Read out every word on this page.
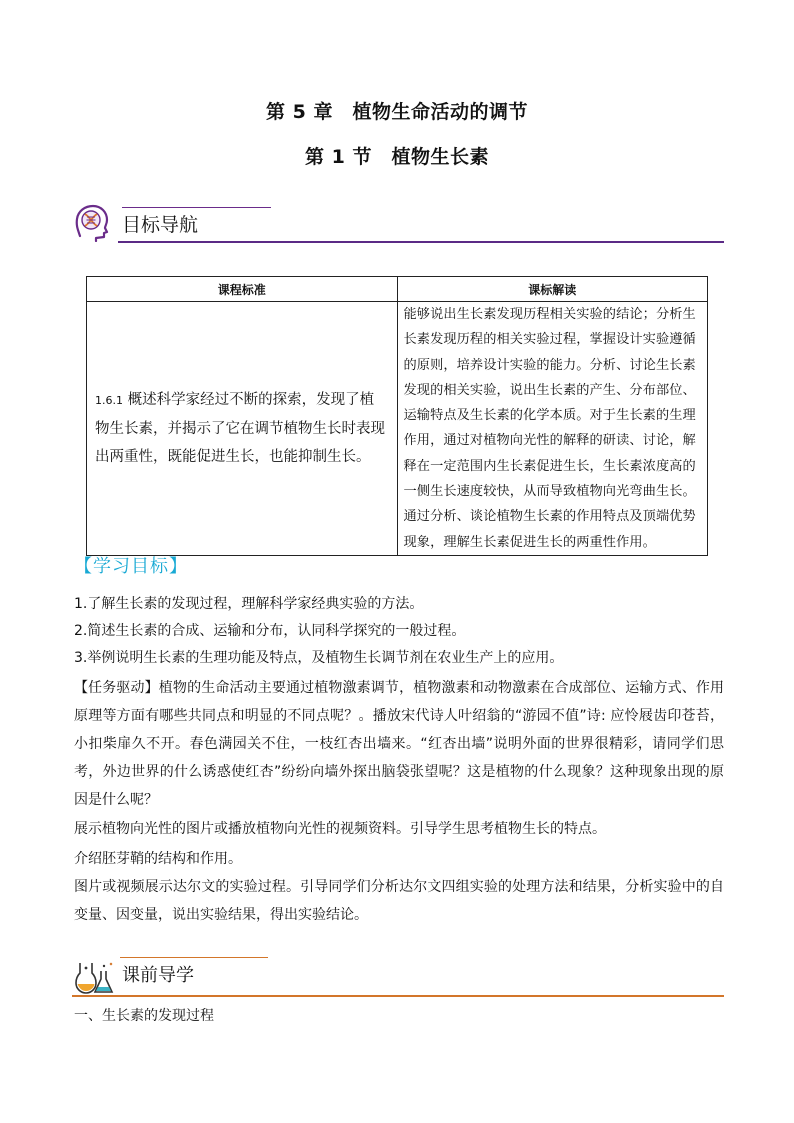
第 5 章　植物生命活动的调节
第 1 节　植物生长素
目标导航
课程标准	课标解读
1.6.1 概述科学家经过不断的探索，发现了植物生长素，并揭示了它在调节植物生长时表现出两重性，既能促进生长，也能抑制生长。	能够说出生长素发现历程相关实验的结论；分析生长素发现历程的相关实验过程，掌握设计实验遵循的原则，培养设计实验的能力。分析、讨论生长素发现的相关实验，说出生长素的产生、分布部位、运输特点及生长素的化学本质。对于生长素的生理作用，通过对植物向光性的解释的研读、讨论，解释在一定范围内生长素促进生长，生长素浓度高的一侧生长速度较快，从而导致植物向光弯曲生长。通过分析、谈论植物生长素的作用特点及顶端优势现象，理解生长素促进生长的两重性作用。
【学习目标】
1.了解生长素的发现过程，理解科学家经典实验的方法。
2.简述生长素的合成、运输和分布，认同科学探究的一般过程。
3.举例说明生长素的生理功能及特点，及植物生长调节剂在农业生产上的应用。
【任务驱动】植物的生命活动主要通过植物激素调节，植物激素和动物激素在合成部位、运输方式、作用原理等方面有哪些共同点和明显的不同点呢？。播放宋代诗人叶绍翁的“游园不值”诗: 应怜屐齿印苍苔，小扣柴扉久不开。春色满园关不住，一枝红杏出墙来。“红杏出墙”说明外面的世界很精彩，请同学们思考，外边世界的什么诱惑使红杏”纷纷向墙外探出脑袋张望呢？这是植物的什么现象？这种现象出现的原因是什么呢？
展示植物向光性的图片或播放植物向光性的视频资料。引导学生思考植物生长的特点。
介绍胚芽鞘的结构和作用。
图片或视频展示达尔文的实验过程。引导同学们分析达尔文四组实验的处理方法和结果，分析实验中的自变量、因变量，说出实验结果，得出实验结论。
课前导学
一、生长素的发现过程
